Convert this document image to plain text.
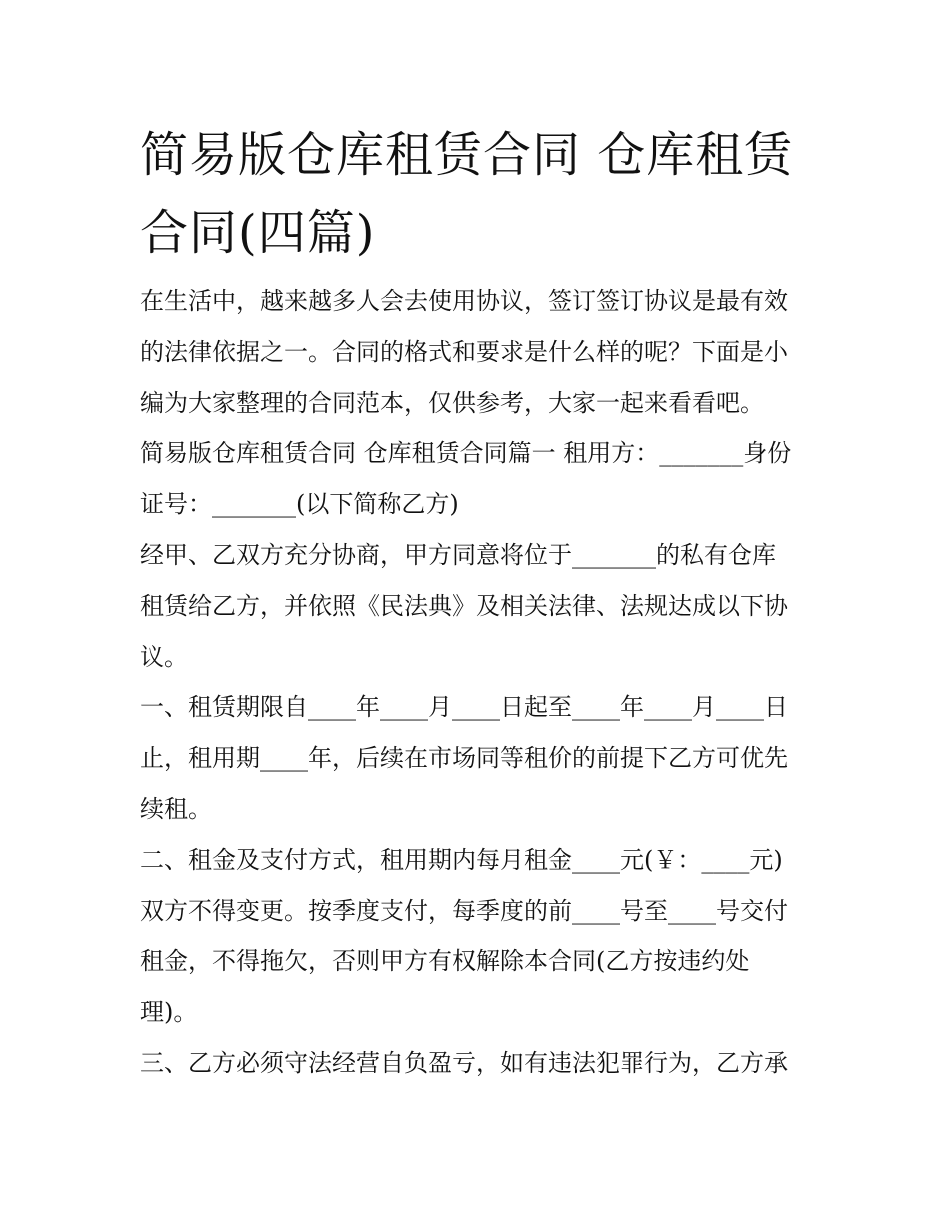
简易版仓库租赁合同 仓库租赁
合同(四篇)
在生活中，越来越多人会去使用协议，签订签订协议是最有效
的法律依据之一。合同的格式和要求是什么样的呢？下面是小
编为大家整理的合同范本，仅供参考，大家一起来看看吧。
简易版仓库租赁合同 仓库租赁合同篇一 租用方：_______身份
证号：_______(以下简称乙方)
经甲、乙双方充分协商，甲方同意将位于_______的私有仓库
租赁给乙方，并依照《民法典》及相关法律、法规达成以下协
议。
一、租赁期限自____年____月____日起至____年____月____日
止，租用期____年，后续在市场同等租价的前提下乙方可优先
续租。
二、租金及支付方式，租用期内每月租金____元(￥：____元)
双方不得变更。按季度支付，每季度的前____号至____号交付
租金，不得拖欠，否则甲方有权解除本合同(乙方按违约处
理)。
三、乙方必须守法经营自负盈亏，如有违法犯罪行为，乙方承
